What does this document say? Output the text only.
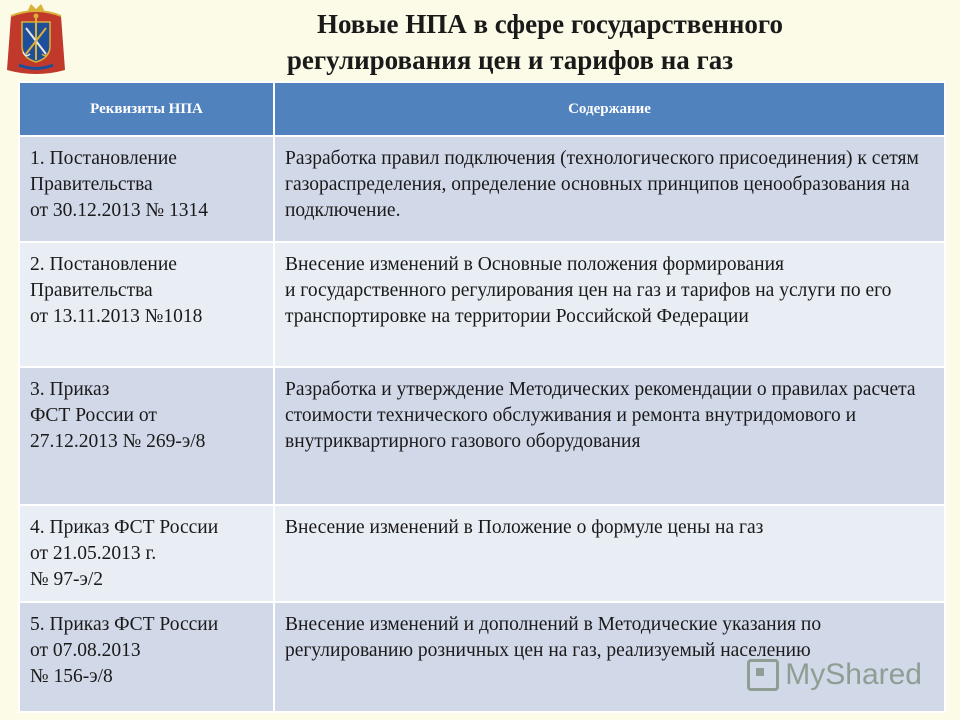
Новые НПА в сфере государственного
регулирования цен и тарифов на газ
Реквизиты НПА	Содержание
1. Постановление
Правительства
от 30.12.2013 № 1314	Разработка правил подключения (технологического присоединения) к сетям газораспределения, определение основных принципов ценообразования на подключение.
2. Постановление
Правительства
от 13.11.2013 №1018	Внесение изменений в Основные положения формирования
и государственного регулирования цен на газ и тарифов на услуги по его транспортировке на территории Российской Федерации
3. Приказ
ФСТ России от
27.12.2013 № 269-э/8	Разработка и утверждение Методических рекомендации о правилах расчета стоимости технического обслуживания и ремонта внутридомового и внутриквартирного газового оборудования
4. Приказ ФСТ России
от 21.05.2013 г.
№ 97-э/2	Внесение изменений в Положение о формуле цены на газ
5. Приказ ФСТ России
от 07.08.2013
№ 156-э/8	Внесение изменений и дополнений в Методические указания по регулированию розничных цен на газ, реализуемый населению
MyShared
